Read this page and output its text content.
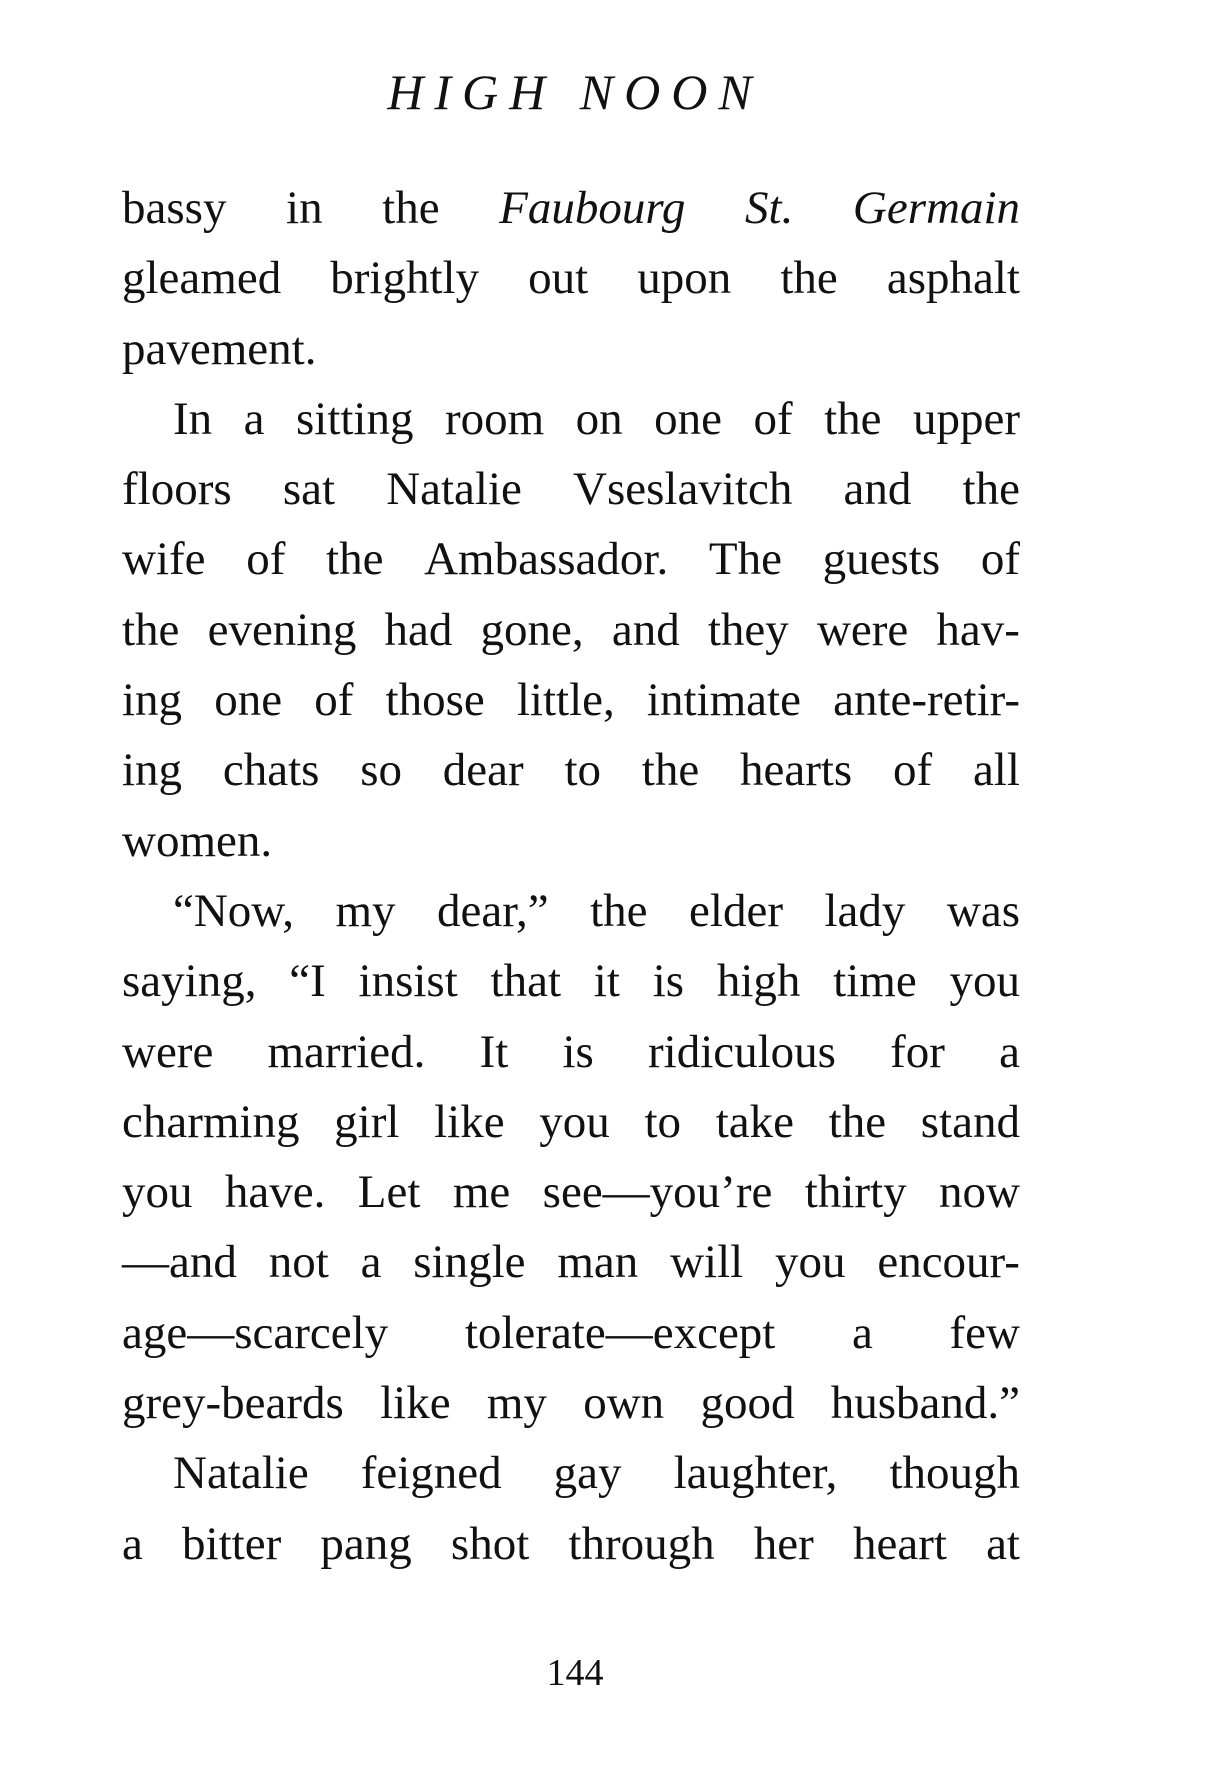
HIGH NOON
bassy in the Faubourg St. Germain
gleamed brightly out upon the asphalt
pavement.
In a sitting room on one of the upper
floors sat Natalie Vseslavitch and the
wife of the Ambassador. The guests of
the evening had gone, and they were hav-
ing one of those little, intimate ante-retir-
ing chats so dear to the hearts of all
women.
“Now, my dear,” the elder lady was
saying, “I insist that it is high time you
were married. It is ridiculous for a
charming girl like you to take the stand
you have. Let me see—you’re thirty now
—and not a single man will you encour-
age—scarcely tolerate—except a few
grey-beards like my own good husband.”
Natalie feigned gay laughter, though
a bitter pang shot through her heart at
144
